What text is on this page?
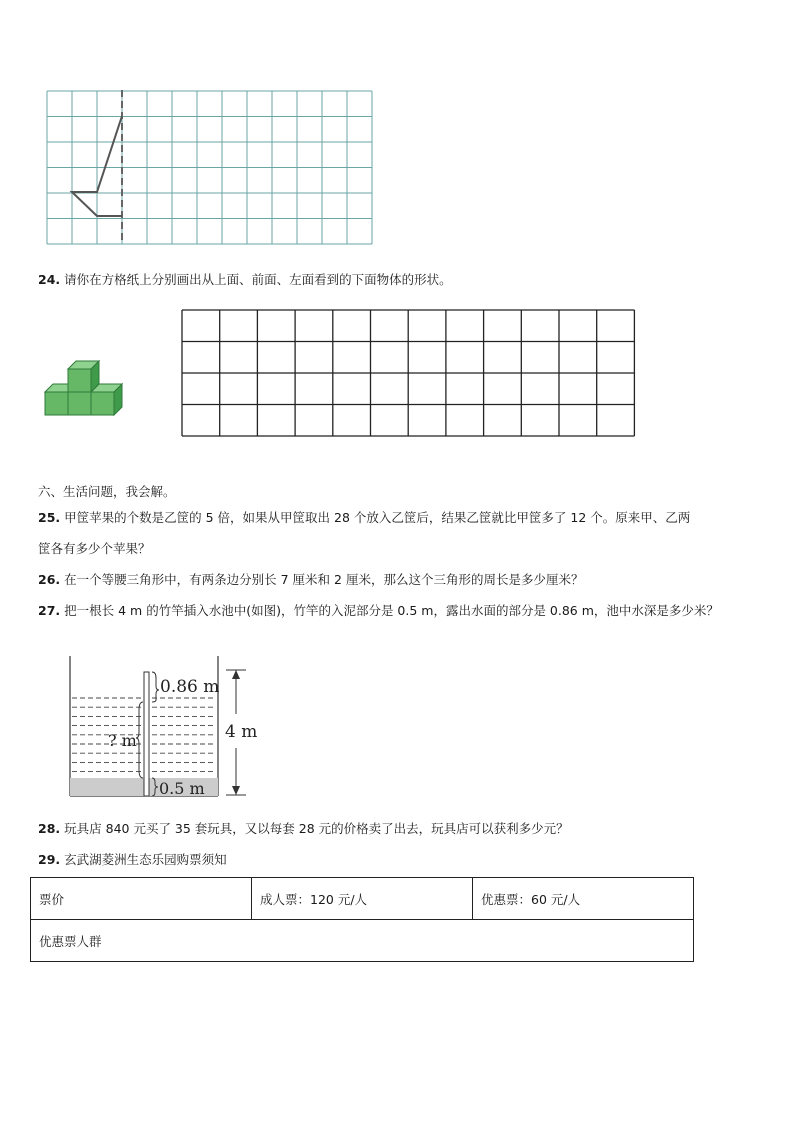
24. 请你在方格纸上分别画出从上面、前面、左面看到的下面物体的形状。
六、生活问题，我会解。
25. 甲筐苹果的个数是乙筐的 5 倍，如果从甲筐取出 28 个放入乙筐后，结果乙筐就比甲筐多了 12 个。原来甲、乙两
筐各有多少个苹果？
26. 在一个等腰三角形中，有两条边分别长 7 厘米和 2 厘米，那么这个三角形的周长是多少厘米？
27. 把一根长 4 m 的竹竿插入水池中(如图)，竹竿的入泥部分是 0.5 m，露出水面的部分是 0.86 m，池中水深是多少米？
0.86 m
? m
0.5 m
4 m
28. 玩具店 840 元买了 35 套玩具，又以每套 28 元的价格卖了出去，玩具店可以获利多少元？
29. 玄武湖菱洲生态乐园购票须知
票价	成人票：120 元/人	优惠票：60 元/人
优惠票人群
